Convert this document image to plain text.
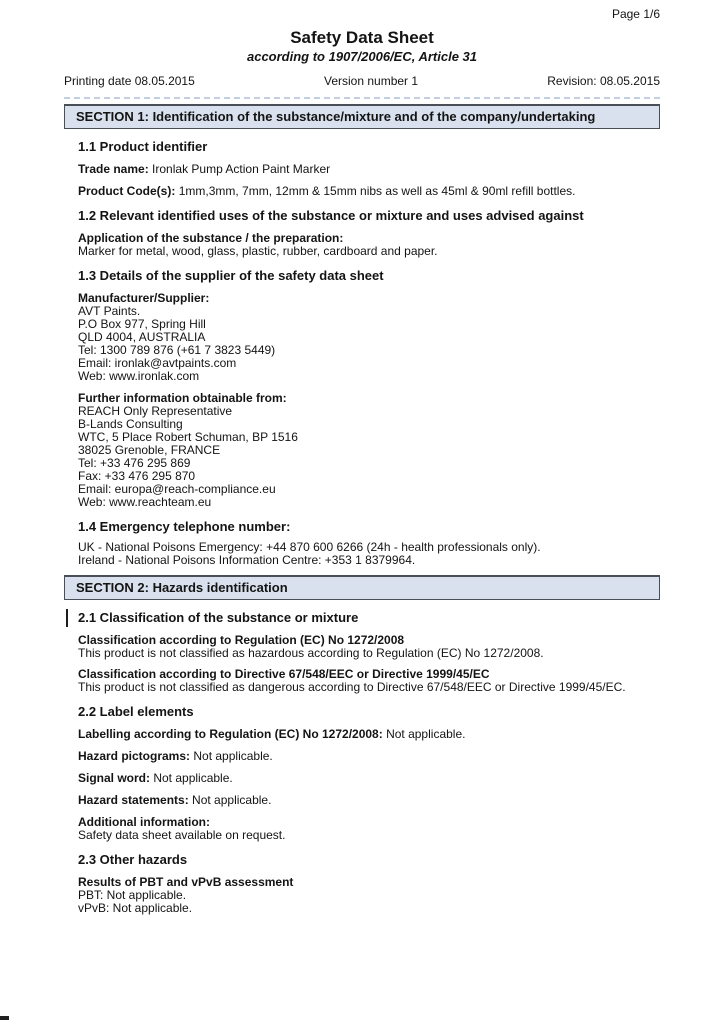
Page 1/6
Safety Data Sheet
according to 1907/2006/EC, Article 31
Printing date 08.05.2015	Version number 1	Revision: 08.05.2015
SECTION 1: Identification of the substance/mixture and of the company/undertaking
1.1 Product identifier
Trade name: Ironlak Pump Action Paint Marker
Product Code(s): 1mm,3mm, 7mm, 12mm & 15mm nibs as well as 45ml & 90ml refill bottles.
1.2 Relevant identified uses of the substance or mixture and uses advised against
Application of the substance / the preparation:
Marker for metal, wood, glass, plastic, rubber, cardboard and paper.
1.3 Details of the supplier of the safety data sheet
Manufacturer/Supplier:
AVT Paints.
P.O Box 977, Spring Hill
QLD 4004, AUSTRALIA
Tel: 1300 789 876 (+61 7 3823 5449)
Email: ironlak@avtpaints.com
Web: www.ironlak.com
Further information obtainable from:
REACH Only Representative
B-Lands Consulting
WTC, 5 Place Robert Schuman, BP 1516
38025 Grenoble, FRANCE
Tel: +33 476 295 869
Fax: +33 476 295 870
Email: europa@reach-compliance.eu
Web: www.reachteam.eu
1.4 Emergency telephone number:
UK - National Poisons Emergency: +44 870 600 6266 (24h - health professionals only).
Ireland - National Poisons Information Centre: +353 1 8379964.
SECTION 2: Hazards identification
2.1 Classification of the substance or mixture
Classification according to Regulation (EC) No 1272/2008
This product is not classified as hazardous according to Regulation (EC) No 1272/2008.
Classification according to Directive 67/548/EEC or Directive 1999/45/EC
This product is not classified as dangerous according to Directive 67/548/EEC or Directive 1999/45/EC.
2.2 Label elements
Labelling according to Regulation (EC) No 1272/2008: Not applicable.
Hazard pictograms: Not applicable.
Signal word: Not applicable.
Hazard statements: Not applicable.
Additional information:
Safety data sheet available on request.
2.3 Other hazards
Results of PBT and vPvB assessment
PBT: Not applicable.
vPvB: Not applicable.
